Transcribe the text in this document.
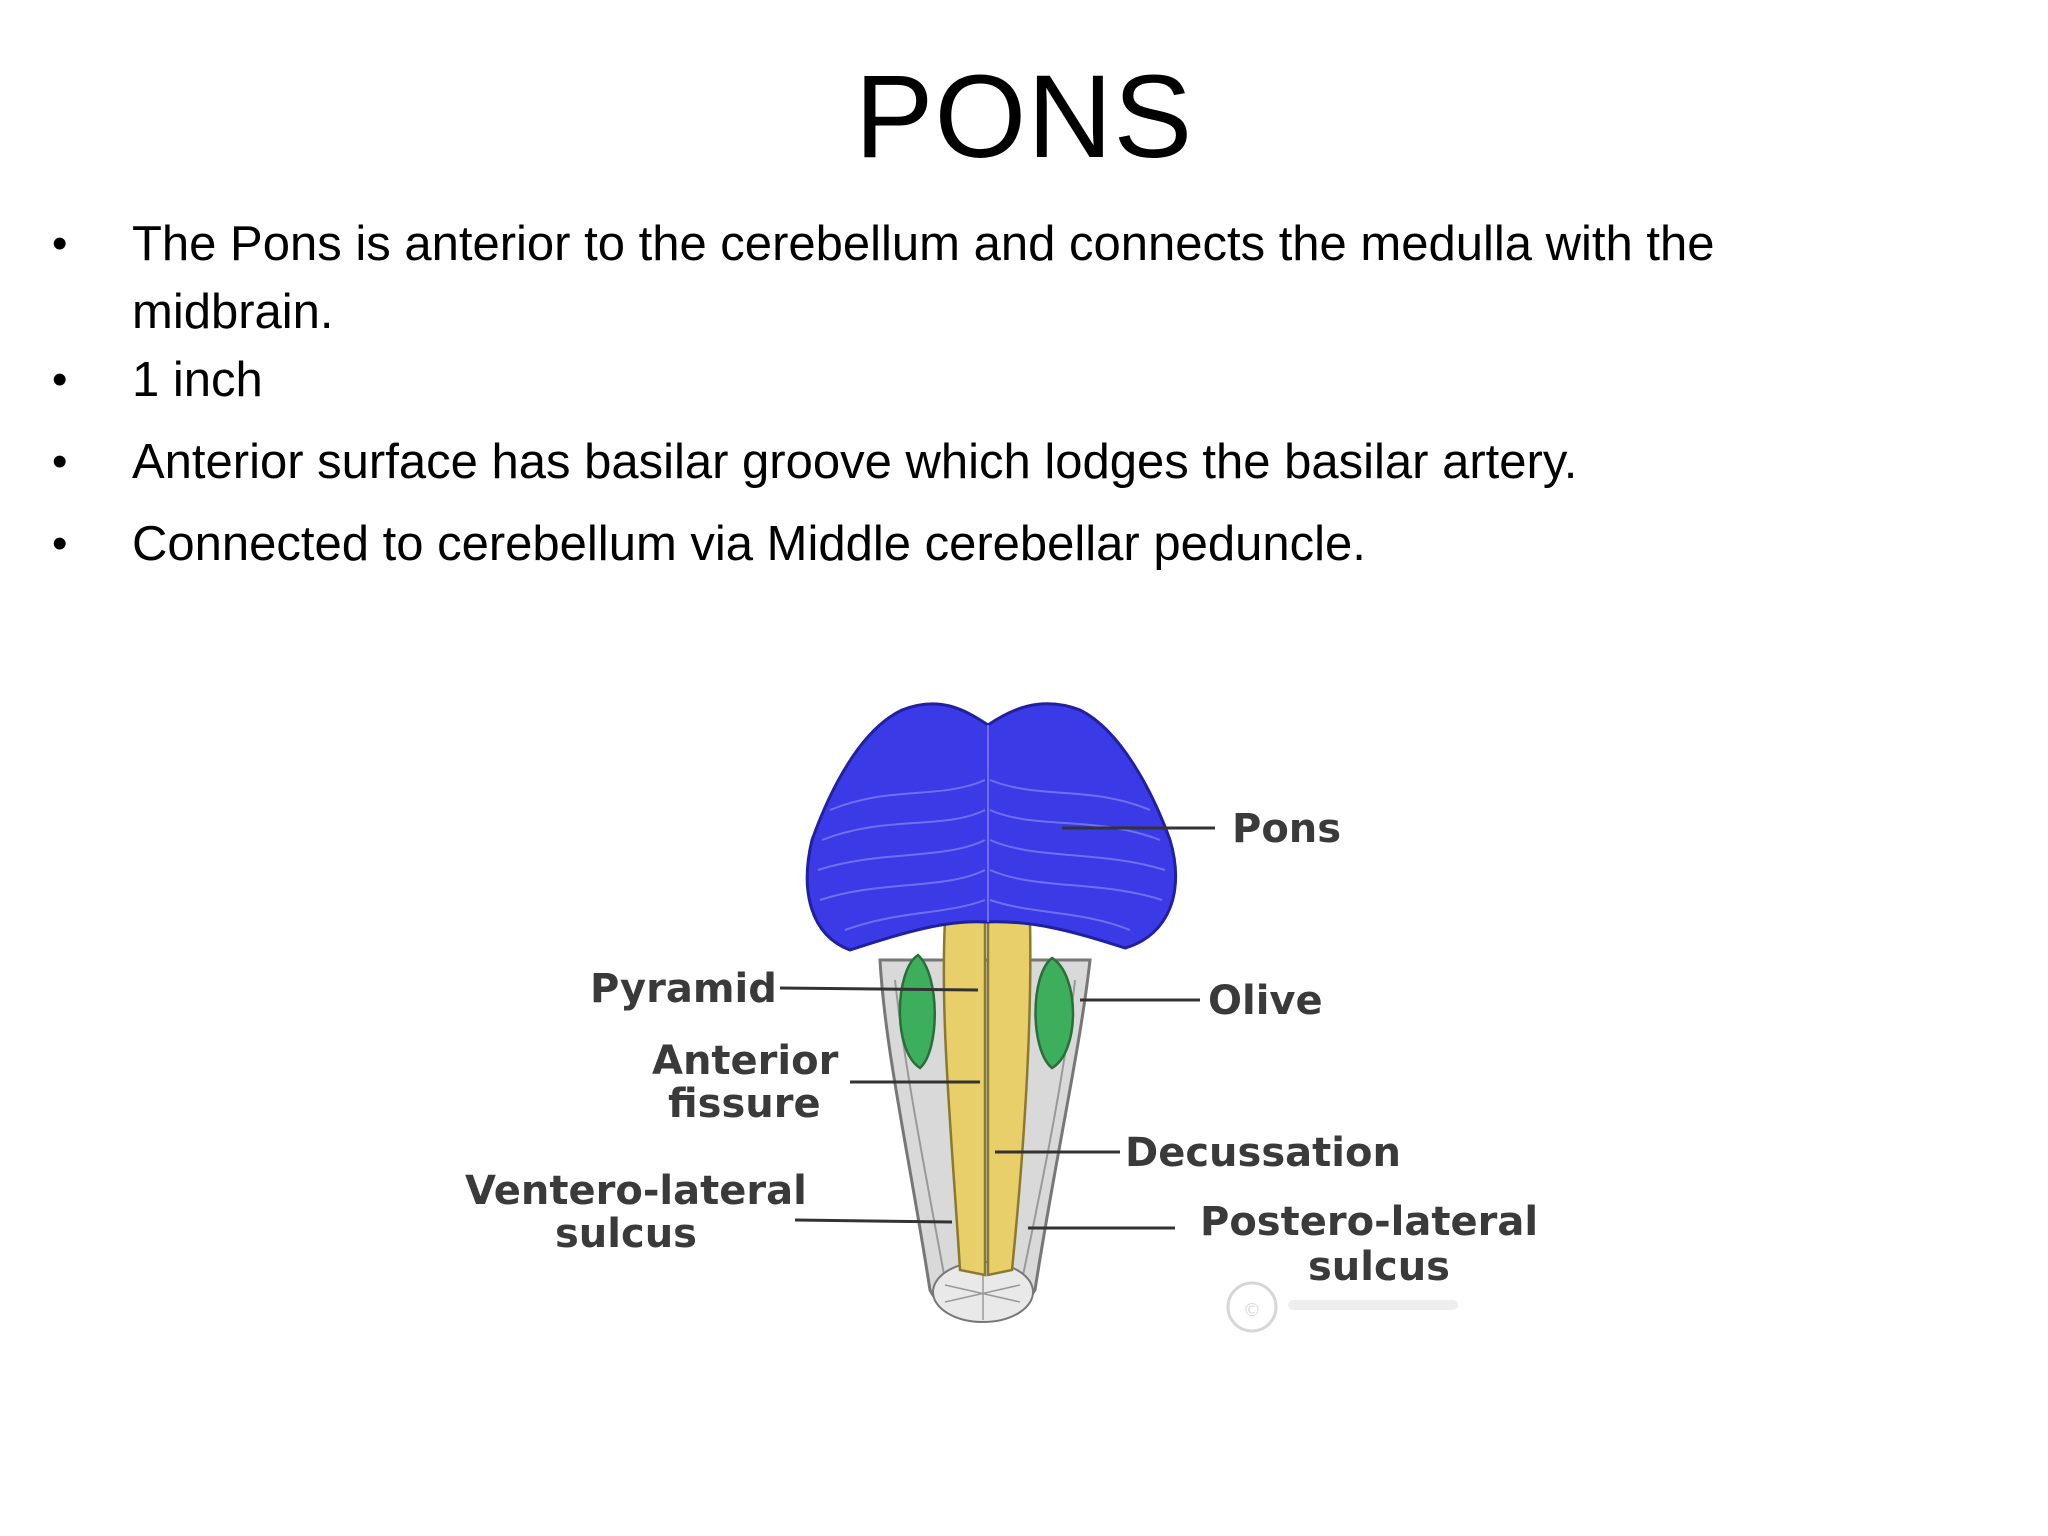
PONS
• The Pons is anterior to the cerebellum and connects the medulla with the midbrain.
• 1 inch
• Anterior surface has basilar groove which lodges the basilar artery.
• Connected to cerebellum via Middle cerebellar peduncle.
Pons
Pyramid	Olive
Anterior
fissure
Decussation
Ventero-lateral
sulcus	Postero-lateral
sulcus
©
